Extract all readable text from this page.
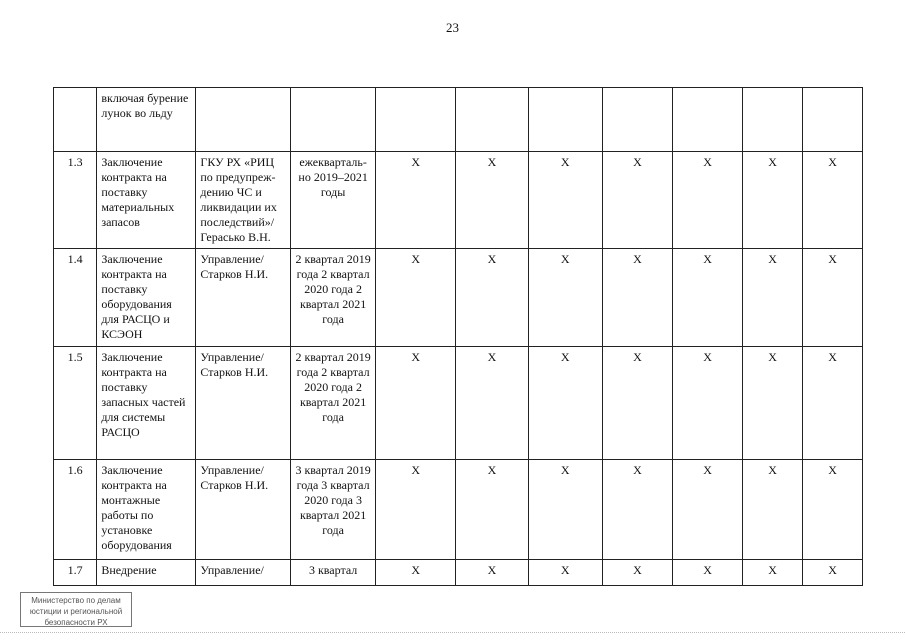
23
	включая бурение лунок во льду									
1.3	Заключение контракта на поставку материальных запасов	ГКУ РХ «РИЦ по предупреж-дению ЧС и ликвидации их последствий»/ Герасько В.Н.	ежекварталь-но 2019–2021 годы	Х	Х	Х	Х	Х	Х	Х
1.4	Заключение контракта на поставку оборудования для РАСЦО и КСЭОН	Управление/ Старков Н.И.	2 квартал 2019 года 2 квартал 2020 года 2 квартал 2021 года	Х	Х	Х	Х	Х	Х	Х
1.5	Заключение контракта на поставку запасных частей для системы РАСЦО	Управление/ Старков Н.И.	2 квартал 2019 года 2 квартал 2020 года 2 квартал 2021 года	Х	Х	Х	Х	Х	Х	Х
1.6	Заключение контракта на монтажные работы по установке оборудования	Управление/ Старков Н.И.	3 квартал 2019 года 3 квартал 2020 года 3 квартал 2021 года	Х	Х	Х	Х	Х	Х	Х
1.7	Внедрение	Управление/	3 квартал	Х	Х	Х	Х	Х	Х	Х
Министерство по делам
юстиции и региональной
безопасности РХ
